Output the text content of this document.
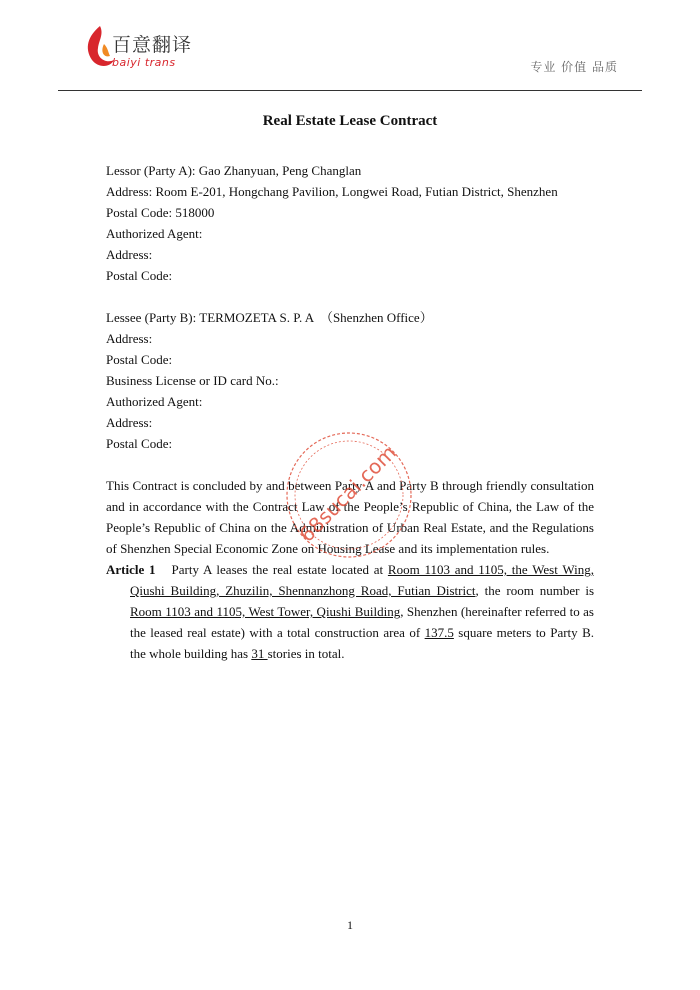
百意翻译
baiyi trans	专业 价值 品质
Real Estate Lease Contract

Lessor (Party A): Gao Zhanyuan, Peng Changlan

Address: Room E-201, Hongchang Pavilion, Longwei Road, Futian District, Shenzhen

Postal Code: 518000

Authorized Agent:

Address:

Postal Code:

Lessee (Party B): TERMOZETA S. P. A　（Shenzhen Office）

Address:

Postal Code:

Business License or ID card No.:

Authorized Agent:

Address:

Postal Code:

This Contract is concluded by and between Party A and Party B through friendly consultation and in accordance with the Contract Law of the People’s Republic of China, the Law of the People’s Republic of China on the Administration of Urban Real Estate, and the Regulations of Shenzhen Special Economic Zone on Housing Lease and its implementation rules.

Article 1 Party A leases the real estate located at Room 1103 and 1105, the West Wing, Qiushi Building, Zhuzilin, Shennanzhong Road, Futian District, the room number is Room 1103 and 1105, West Tower, Qiushi Building, Shenzhen (hereinafter referred to as the leased real estate) with a total construction area of 137.5 square meters to Party B. the whole building has 31 stories in total.

68sucai.com
1
